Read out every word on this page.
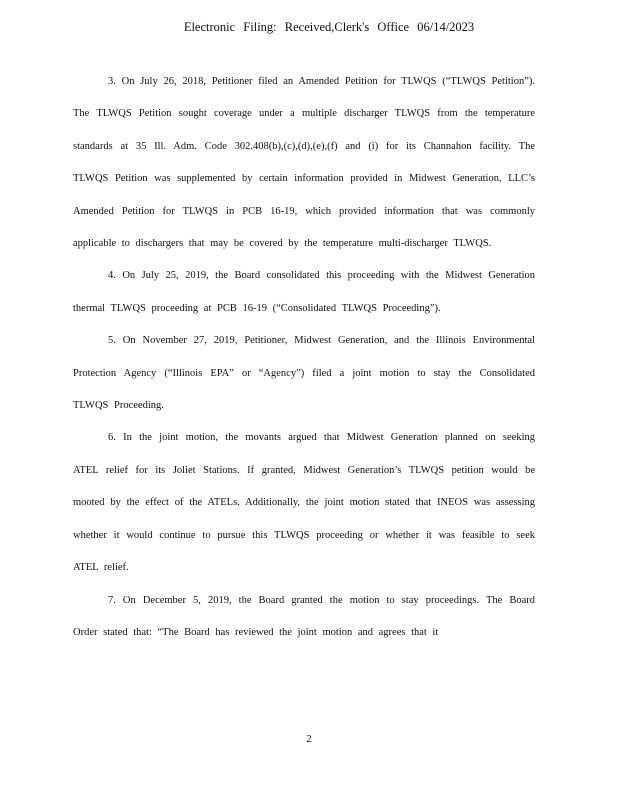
Electronic Filing: Received,Clerk's Office 06/14/2023

3. On July 26, 2018, Petitioner filed an Amended Petition for TLWQS (“TLWQS Petition”). The TLWQS Petition sought coverage under a multiple discharger TLWQS from the temperature standards at 35 Ill. Adm. Code 302.408(b),(c),(d),(e),(f) and (i) for its Channahon facility. The TLWQS Petition was supplemented by certain information provided in Midwest Generation, LLC’s Amended Petition for TLWQS in PCB 16-19, which provided information that was commonly applicable to dischargers that may be covered by the temperature multi-discharger TLWQS.

4. On July 25, 2019, the Board consolidated this proceeding with the Midwest Generation thermal TLWQS proceeding at PCB 16-19 (“Consolidated TLWQS Proceeding”).

5. On November 27, 2019, Petitioner, Midwest Generation, and the Illinois Environmental Protection Agency (“Illinois EPA” or “Agency”) filed a joint motion to stay the Consolidated TLWQS Proceeding.

6. In the joint motion, the movants argued that Midwest Generation planned on seeking ATEL relief for its Joliet Stations. If granted, Midwest Generation’s TLWQS petition would be mooted by the effect of the ATELs. Additionally, the joint motion stated that INEOS was assessing whether it would continue to pursue this TLWQS proceeding or whether it was feasible to seek ATEL relief.

7. On December 5, 2019, the Board granted the motion to stay proceedings. The Board Order stated that: “The Board has reviewed the joint motion and agrees that it

2
